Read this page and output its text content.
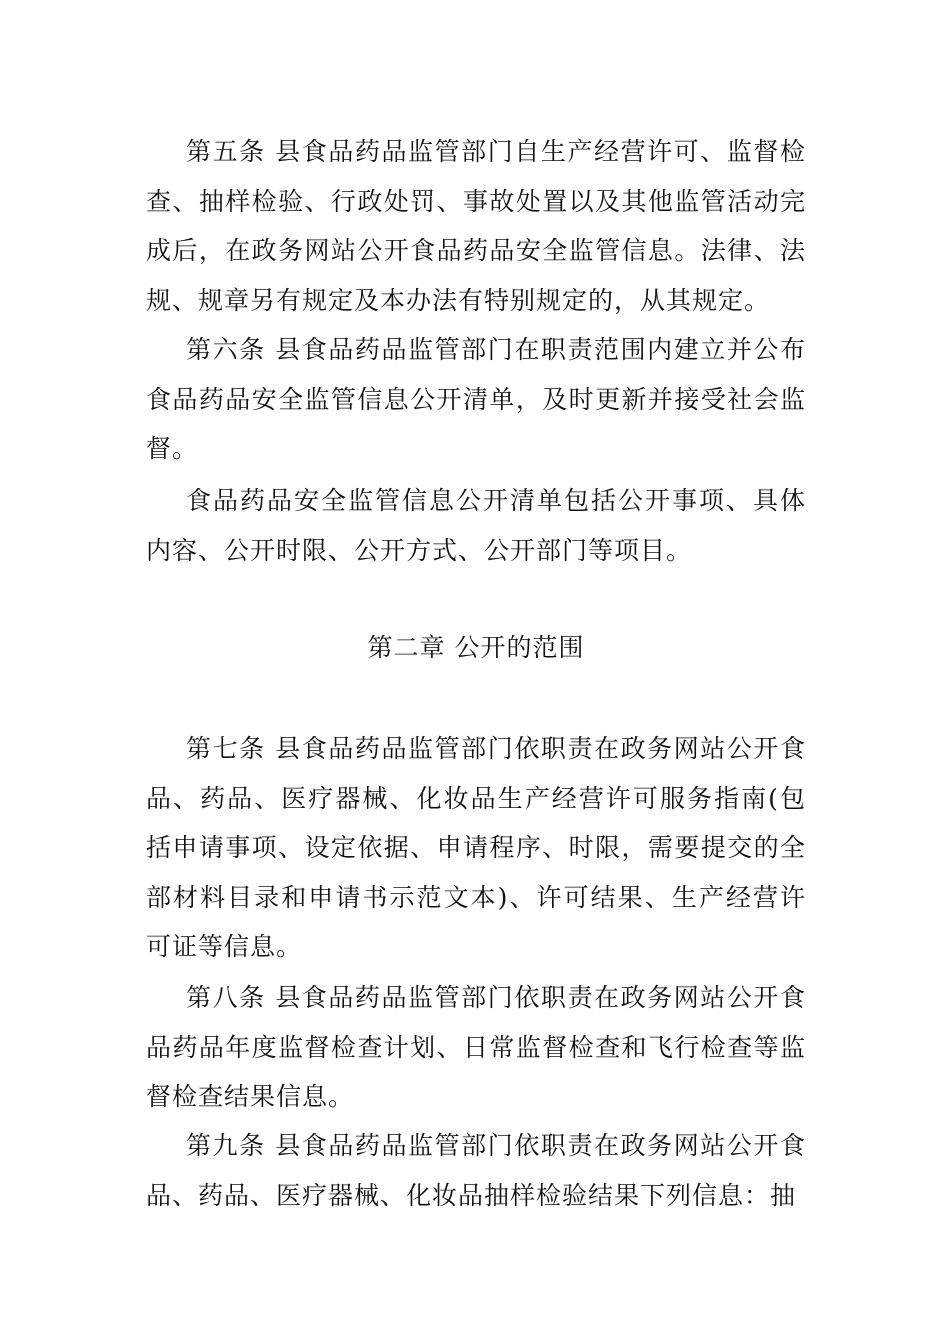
第五条 县食品药品监管部门自生产经营许可、监督检查、抽样检验、行政处罚、事故处置以及其他监管活动完成后，在政务网站公开食品药品安全监管信息。法律、法规、规章另有规定及本办法有特别规定的，从其规定。

第六条 县食品药品监管部门在职责范围内建立并公布食品药品安全监管信息公开清单，及时更新并接受社会监督。

食品药品安全监管信息公开清单包括公开事项、具体内容、公开时限、公开方式、公开部门等项目。

第二章 公开的范围

第七条 县食品药品监管部门依职责在政务网站公开食品、药品、医疗器械、化妆品生产经营许可服务指南(包括申请事项、设定依据、申请程序、时限，需要提交的全部材料目录和申请书示范文本)、许可结果、生产经营许可证等信息。

第八条 县食品药品监管部门依职责在政务网站公开食品药品年度监督检查计划、日常监督检查和飞行检查等监督检查结果信息。

第九条 县食品药品监管部门依职责在政务网站公开食品、药品、医疗器械、化妆品抽样检验结果下列信息：抽
